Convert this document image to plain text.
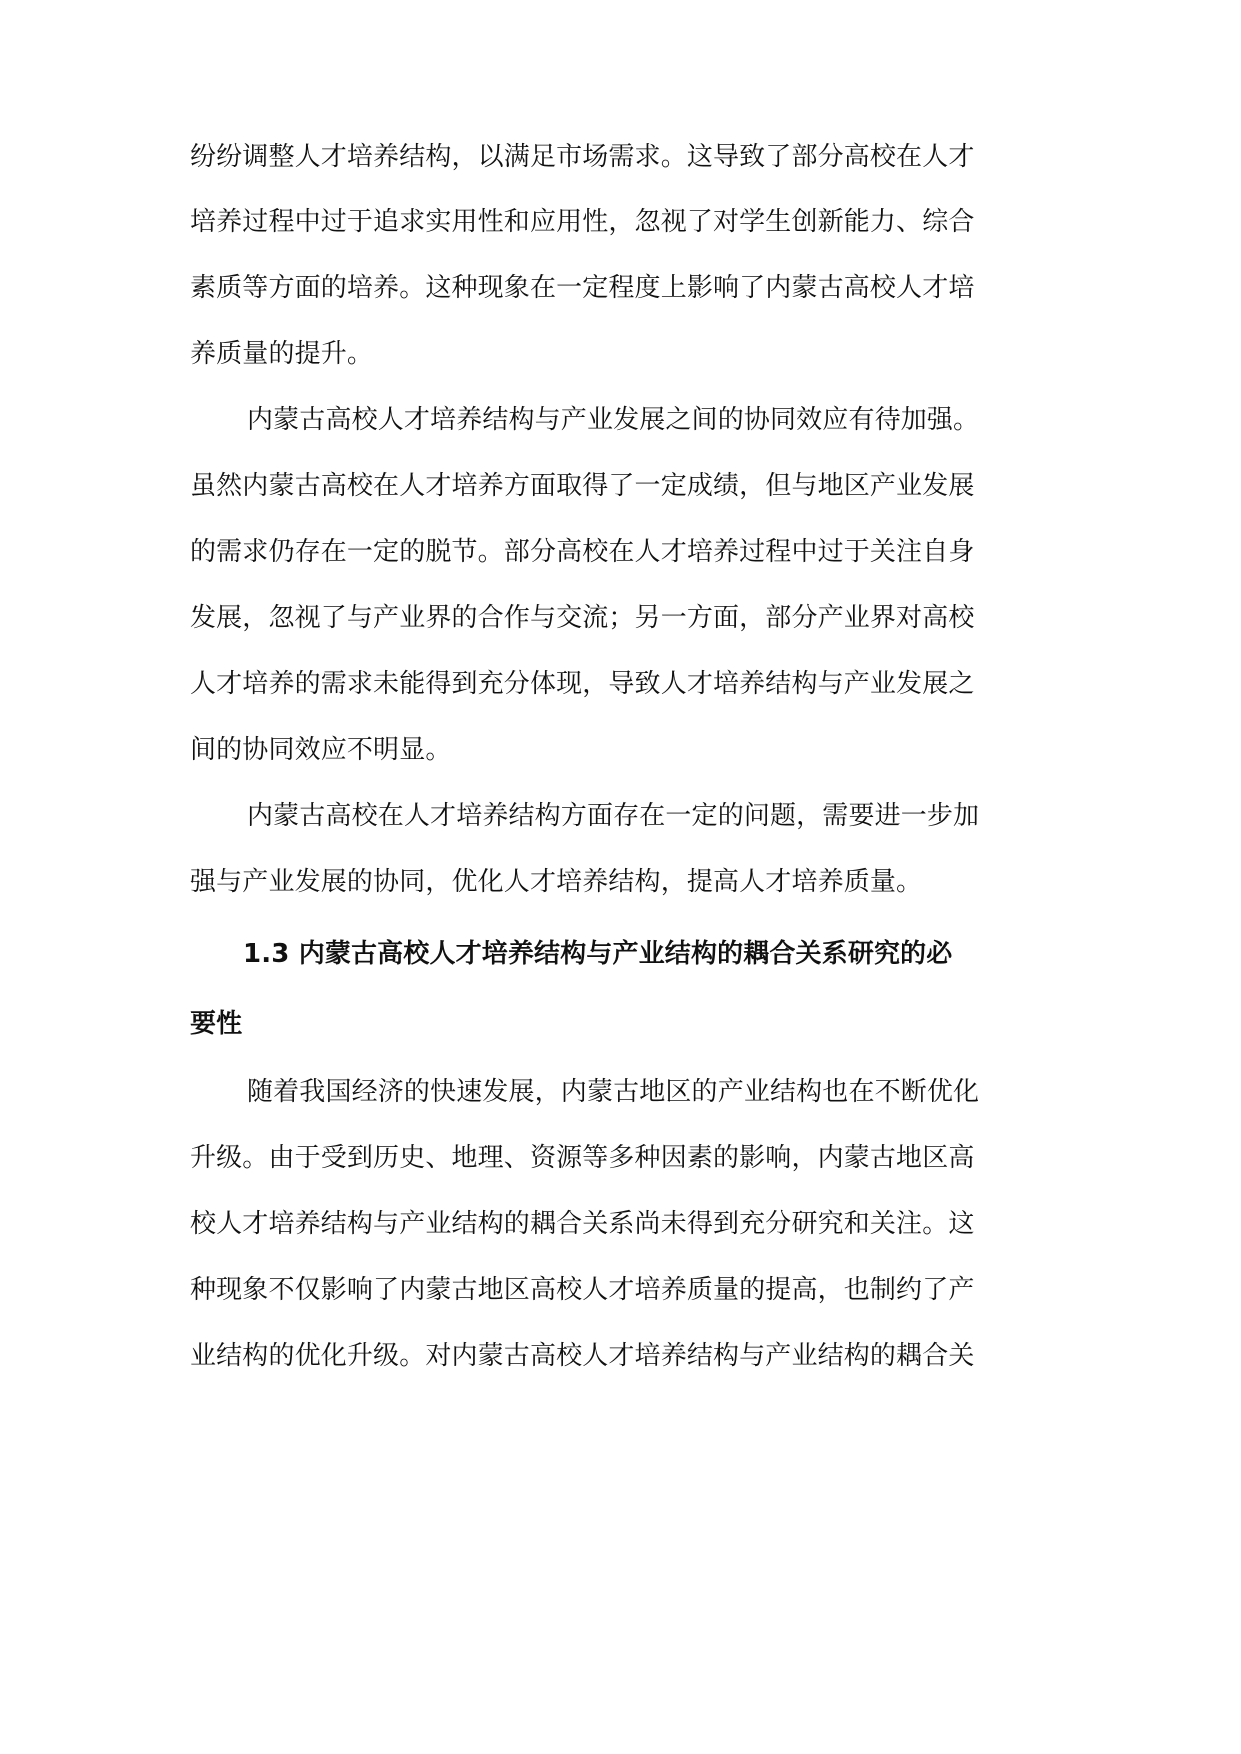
纷纷调整人才培养结构，以满足市场需求。这导致了部分高校在人才
培养过程中过于追求实用性和应用性，忽视了对学生创新能力、综合
素质等方面的培养。这种现象在一定程度上影响了内蒙古高校人才培
养质量的提升。
内蒙古高校人才培养结构与产业发展之间的协同效应有待加强。
虽然内蒙古高校在人才培养方面取得了一定成绩，但与地区产业发展
的需求仍存在一定的脱节。部分高校在人才培养过程中过于关注自身
发展，忽视了与产业界的合作与交流；另一方面，部分产业界对高校
人才培养的需求未能得到充分体现，导致人才培养结构与产业发展之
间的协同效应不明显。
内蒙古高校在人才培养结构方面存在一定的问题，需要进一步加
强与产业发展的协同，优化人才培养结构，提高人才培养质量。
1.3 内蒙古高校人才培养结构与产业结构的耦合关系研究的必
要性
随着我国经济的快速发展，内蒙古地区的产业结构也在不断优化
升级。由于受到历史、地理、资源等多种因素的影响，内蒙古地区高
校人才培养结构与产业结构的耦合关系尚未得到充分研究和关注。这
种现象不仅影响了内蒙古地区高校人才培养质量的提高，也制约了产
业结构的优化升级。对内蒙古高校人才培养结构与产业结构的耦合关
